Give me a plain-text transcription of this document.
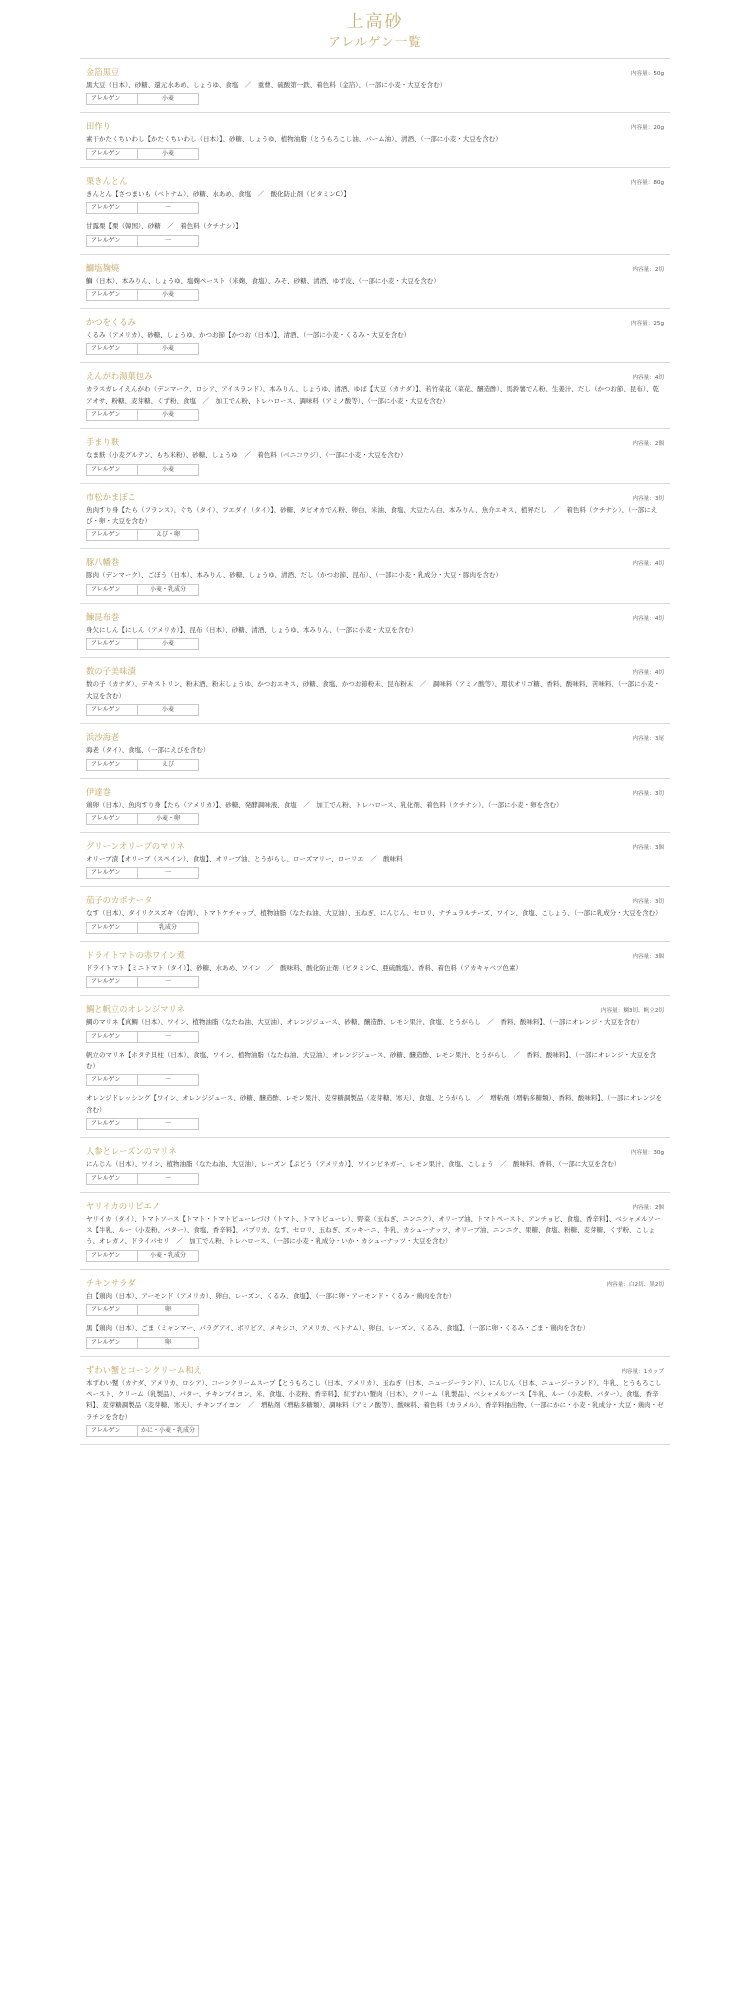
上高砂
アレルゲン一覧
金箔黒豆	内容量：50g
黒大豆（日本）、砂糖、還元水あめ、しょうゆ、食塩　／　重曹、硫酸第一鉄、着色料（金箔）、（一部に小麦・大豆を含む）
アレルゲン	小麦
田作り	内容量：20g
素干かたくちいわし【かたくちいわし（日本）】、砂糖、しょうゆ、植物油脂（とうもろこし油、パーム油）、清酒、（一部に小麦・大豆を含む）
アレルゲン	小麦
栗きんとん	内容量：80g
きんとん【さつまいも（ベトナム）、砂糖、水あめ、食塩　／　酸化防止剤（ビタミンC）】
アレルゲン	一
甘露栗【栗（韓国）、砂糖　／　着色料（クチナシ）】
アレルゲン	一
鰤塩麹焼	内容量：2切
鰤（日本）、本みりん、しょうゆ、塩麹ペースト（米麹、食塩）、みそ、砂糖、清酒、ゆず皮、（一部に小麦・大豆を含む）
アレルゲン	小麦
かつをくるみ	内容量：25g
くるみ（アメリカ）、砂糖、しょうゆ、かつお節【かつお（日本）】、清酒、（一部に小麦・くるみ・大豆を含む）
アレルゲン	小麦
えんがわ湯葉包み	内容量：4切
カラスガレイえんがわ（デンマーク、ロシア、アイスランド）、本みりん、しょうゆ、清酒、ゆば【大豆（カナダ）】、若竹菜花（菜花、醸造酢）、馬鈴薯でん粉、生姜汁、だし（かつお節、昆布）、乾アオサ、粉糖、麦芽糖、くず粉、食塩　／　加工でん粉、トレハロース、調味料（アミノ酸等）、（一部に小麦・大豆を含む）
アレルゲン	小麦
手まり麩	内容量：2個
なま麩（小麦グルテン、もち米粉）、砂糖、しょうゆ　／　着色料（ベニコウジ）、（一部に小麦・大豆を含む）
アレルゲン	小麦
市松かまぼこ	内容量：3切
魚肉すり身【たら（フランス）、ぐち（タイ）、フエダイ（タイ）】、砂糖、タピオカでん粉、卵白、米油、食塩、大豆たん白、本みりん、魚介エキス、植昇だし　／　着色料（クチナシ）、（一部にえび・卵・大豆を含む）
アレルゲン	えび・卵
豚八幡巻	内容量：4切
豚肉（デンマーク）、ごぼう（日本）、本みりん、砂糖、しょうゆ、清酒、だし（かつお節、昆布）、（一部に小麦・乳成分・大豆・豚肉を含む）
アレルゲン	小麦・乳成分
鰊昆布巻	内容量：4切
身欠にしん【にしん（アメリカ）】、昆布（日本）、砂糖、清酒、しょうゆ、本みりん、（一部に小麦・大豆を含む）
アレルゲン	小麦
数の子美味漬	内容量：4切
数の子（カナダ）、デキストリン、粉末酒、粉末しょうゆ、かつおエキス、砂糖、食塩、かつお節粉末、昆布粉末　／　調味料（アミノ酸等）、環状オリゴ糖、香料、酸味料、苦味料、（一部に小麦・大豆を含む）
アレルゲン	小麦
浜沙海老	内容量：3尾
海老（タイ）、食塩、（一部にえびを含む）
アレルゲン	えび
伊達巻	内容量：3切
鶏卵（日本）、魚肉すり身【たら（アメリカ）】、砂糖、発酵調味液、食塩　／　加工でん粉、トレハロース、乳化剤、着色料（クチナシ）、（一部に小麦・卵を含む）
アレルゲン	小麦・卵
グリーンオリーブのマリネ	内容量：3個
オリーブ漬【オリーブ（スペイン）、食塩】、オリーブ油、とうがらし、ローズマリー、ローリエ　／　酸味料
アレルゲン	一
茄子のカポナータ	内容量：3切
なす（日本）、タイリクスズキ（台湾）、トマトケチャップ、植物油脂（なたね油、大豆油）、玉ねぎ、にんじん、セロリ、ナチュラルチーズ、ワイン、食塩、こしょう、（一部に乳成分・大豆を含む）
アレルゲン	乳成分
ドライトマトの赤ワイン煮	内容量：3個
ドライトマト【ミニトマト（タイ）】、砂糖、水あめ、ワイン　／　酸味料、酸化防止剤（ビタミンC、亜硫酸塩）、香料、着色料（アカキャベツ色素）
アレルゲン	一
鯛と帆立のオレンジマリネ	内容量：鯛3切、帆立2切
鯛のマリネ【真鯛（日本）、ワイン、植物油脂（なたね油、大豆油）、オレンジジュース、砂糖、醸造酢、レモン果汁、食塩、とうがらし　／　香料、酸味料】、（一部にオレンジ・大豆を含む）
アレルゲン	一
帆立のマリネ【ホタテ貝柱（日本）、食塩、ワイン、植物油脂（なたね油、大豆油）、オレンジジュース、砂糖、醸造酢、レモン果汁、とうがらし　／　香料、酸味料】、（一部にオレンジ・大豆を含む）
アレルゲン	一
オレンジドレッシング【ワイン、オレンジジュース、砂糖、醸造酢、レモン果汁、麦芽糖調製品（麦芽糖、寒天）、食塩、とうがらし　／　増粘剤（増粘多糖類）、香料、酸味料】、（一部にオレンジを含む）
アレルゲン	一
人参とレーズンのマリネ	内容量：30g
にんじん（日本）、ワイン、植物油脂（なたね油、大豆油）、レーズン【ぶどう（アメリカ）】、ワインビネガー、レモン果汁、食塩、こしょう　／　酸味料、香料、（一部に大豆を含む）
アレルゲン	一
ヤリイカのリピエノ	内容量：2個
ヤリイカ（タイ）、トマトソース【トマト・トマトピューレづけ（トマト、トマトピューレ）、野菜（玉ねぎ、ニンニク）、オリーブ油、トマトペースト、アンチョビ、食塩、香辛料】、ベシャメルソース【牛乳、ルー（小麦粉、バター）、食塩、香辛料】、パプリカ、なす、セロリ、玉ねぎ、ズッキーニ、牛乳、カシューナッツ、オリーブ油、ニンニク、果糖、食塩、粉糖、麦芽糖、くず粉、こしょう、オレガノ、ドライパセリ　／　加工でん粉、トレハロース、（一部に小麦・乳成分・いか・カシューナッツ・大豆を含む）
アレルゲン	小麦・乳成分
チキンサラダ	内容量：白2切、黒2切
白【鶏肉（日本）、アーモンド（アメリカ）、卵白、レーズン、くるみ、食塩】、（一部に卵・アーモンド・くるみ・鶏肉を含む）
アレルゲン	卵
黒【鶏肉（日本）、ごま（ミャンマー、パラグアイ、ボリビア、メキシコ、アメリカ、ベトナム）、卵白、レーズン、くるみ、食塩】、（一部に卵・くるみ・ごま・鶏肉を含む）
アレルゲン	卵
ずわい蟹とコーンクリーム和え	内容量：1カップ
本ずわい蟹（カナダ、アメリカ、ロシア）、コーンクリームスープ【とうもろこし（日本、アメリカ）、玉ねぎ（日本、ニュージーランド）、にんじん（日本、ニュージーランド）、牛乳、とうもろこしペースト、クリーム（乳製品）、バター、チキンブイヨン、米、食塩、小麦粉、香辛料】、紅ずわい蟹肉（日本）、クリーム（乳製品）、ベシャメルソース【牛乳、ルー（小麦粉、バター）、食塩、香辛料】、麦芽糖調製品（麦芽糖、寒天）、チキンブイヨン　／　増粘剤（増粘多糖類）、調味料（アミノ酸等）、酸味料、着色料（カラメル）、香辛料抽出物、（一部にかに・小麦・乳成分・大豆・鶏肉・ゼラチンを含む）
アレルゲン	かに・小麦・乳成分
